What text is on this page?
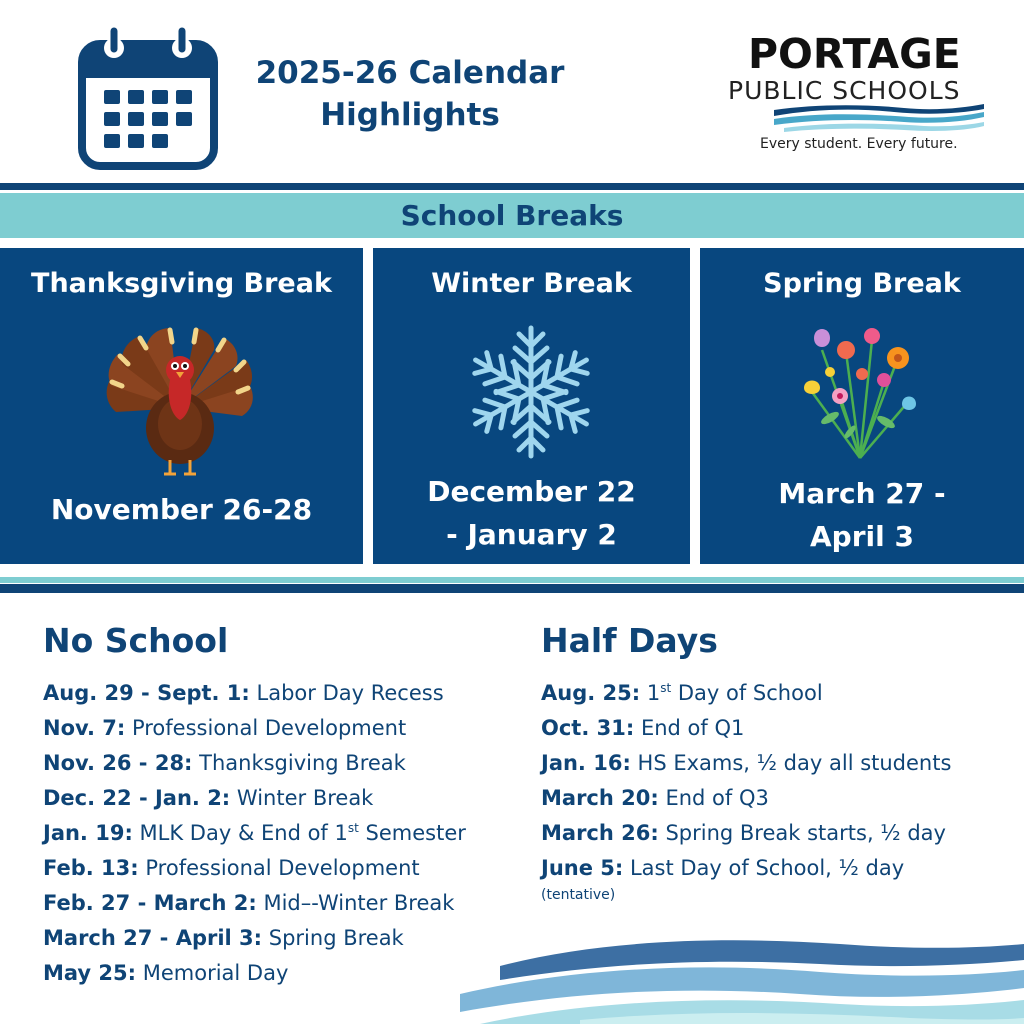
2025-26 Calendar
Highlights
PORTAGE
PUBLIC SCHOOLS
Every student. Every future.
School Breaks
Thanksgiving Break
November 26-28
Winter Break
December 22
- January 2
Spring Break
March 27 -
April 3
No School
Aug. 29 - Sept. 1: Labor Day Recess
Nov. 7: Professional Development
Nov. 26 - 28: Thanksgiving Break
Dec. 22 - Jan. 2: Winter Break
Jan. 19: MLK Day & End of 1st Semester
Feb. 13: Professional Development
Feb. 27 - March 2: Mid–-Winter Break
March 27 - April 3: Spring Break
May 25: Memorial Day
Half Days
Aug. 25: 1st Day of School
Oct. 31: End of Q1
Jan. 16: HS Exams, ½ day all students
March 20: End of Q3
March 26: Spring Break starts, ½ day
June 5: Last Day of School, ½ day
(tentative)
